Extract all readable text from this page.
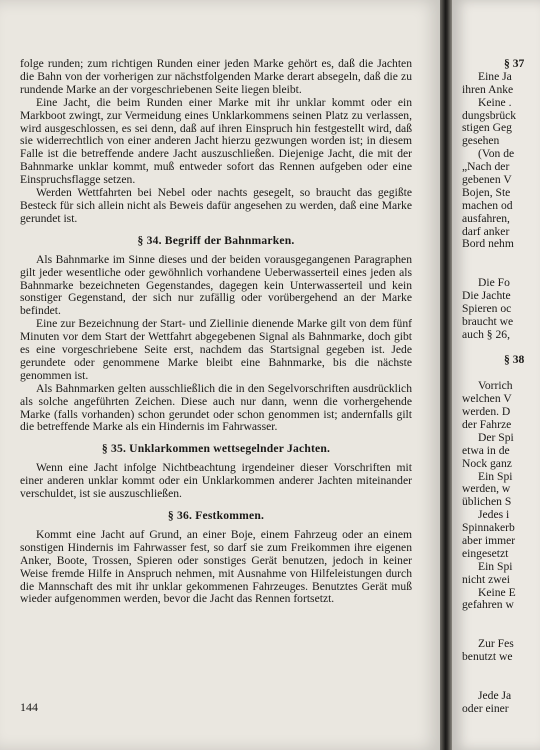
folge runden; zum richtigen Runden einer jeden Marke gehört es, daß die Jachten die Bahn von der vorherigen zur nächstfolgenden Marke derart absegeln, daß die zu rundende Marke an der vorgeschriebenen Seite liegen bleibt.

Eine Jacht, die beim Runden einer Marke mit ihr unklar kommt oder ein Markboot zwingt, zur Vermeidung eines Unklarkommens seinen Platz zu verlassen, wird ausgeschlossen, es sei denn, daß auf ihren Einspruch hin festgestellt wird, daß sie widerrechtlich von einer anderen Jacht hierzu gezwungen worden ist; in diesem Falle ist die betreffende andere Jacht auszuschließen. Diejenige Jacht, die mit der Bahnmarke unklar kommt, muß entweder sofort das Rennen aufgeben oder eine Einspruchsflagge setzen.

Werden Wettfahrten bei Nebel oder nachts gesegelt, so braucht das gegißte Besteck für sich allein nicht als Beweis dafür angesehen zu werden, daß eine Marke gerundet ist.

§ 34. Begriff der Bahnmarken.

Als Bahnmarke im Sinne dieses und der beiden vorausgegangenen Paragraphen gilt jeder wesentliche oder gewöhnlich vorhandene Ueberwasserteil eines jeden als Bahnmarke bezeichneten Gegenstandes, dagegen kein Unterwasserteil und kein sonstiger Gegenstand, der sich nur zufällig oder vorübergehend an der Marke befindet.

Eine zur Bezeichnung der Start- und Ziellinie dienende Marke gilt von dem fünf Minuten vor dem Start der Wettfahrt abgegebenen Signal als Bahnmarke, doch gibt es eine vorgeschriebene Seite erst, nachdem das Startsignal gegeben ist. Jede gerundete oder genommene Marke bleibt eine Bahnmarke, bis die nächste genommen ist.

Als Bahnmarken gelten ausschließlich die in den Segelvorschriften ausdrücklich als solche angeführten Zeichen. Diese auch nur dann, wenn die vorhergehende Marke (falls vorhanden) schon gerundet oder schon genommen ist; andernfalls gilt die betreffende Marke als ein Hindernis im Fahrwasser.

§ 35. Unklarkommen wettsegelnder Jachten.

Wenn eine Jacht infolge Nichtbeachtung irgendeiner dieser Vorschriften mit einer anderen unklar kommt oder ein Unklarkommen anderer Jachten miteinander verschuldet, ist sie auszuschließen.

§ 36. Festkommen.

Kommt eine Jacht auf Grund, an einer Boje, einem Fahrzeug oder an einem sonstigen Hindernis im Fahrwasser fest, so darf sie zum Freikommen ihre eigenen Anker, Boote, Trossen, Spieren oder sonstiges Gerät benutzen, jedoch in keiner Weise fremde Hilfe in Anspruch nehmen, mit Ausnahme von Hilfeleistungen durch die Mannschaft des mit ihr unklar gekommenen Fahrzeuges. Benutztes Gerät muß wieder aufgenommen werden, bevor die Jacht das Rennen fortsetzt.

144
§ 37
Eine Ja
ihren Anke
Keine .
dungsbrück
stigen Geg
gesehen
(Von de
„Nach der
gebenen V
Bojen, Ste
machen od
ausfahren,
darf anker
Bord nehm
Die Fo
Die Jachte
Spieren oc
braucht we
auch § 26,
§ 38
Vorrich
welchen V
werden. D
der Fahrze
Der Spi
etwa in de
Nock ganz
Ein Spi
werden, w
üblichen S
Jedes i
Spinnakerb
aber immer
eingesetzt
Ein Spi
nicht zwei
Keine E
gefahren w
Zur Fes
benutzt we
Jede Ja
oder einer
